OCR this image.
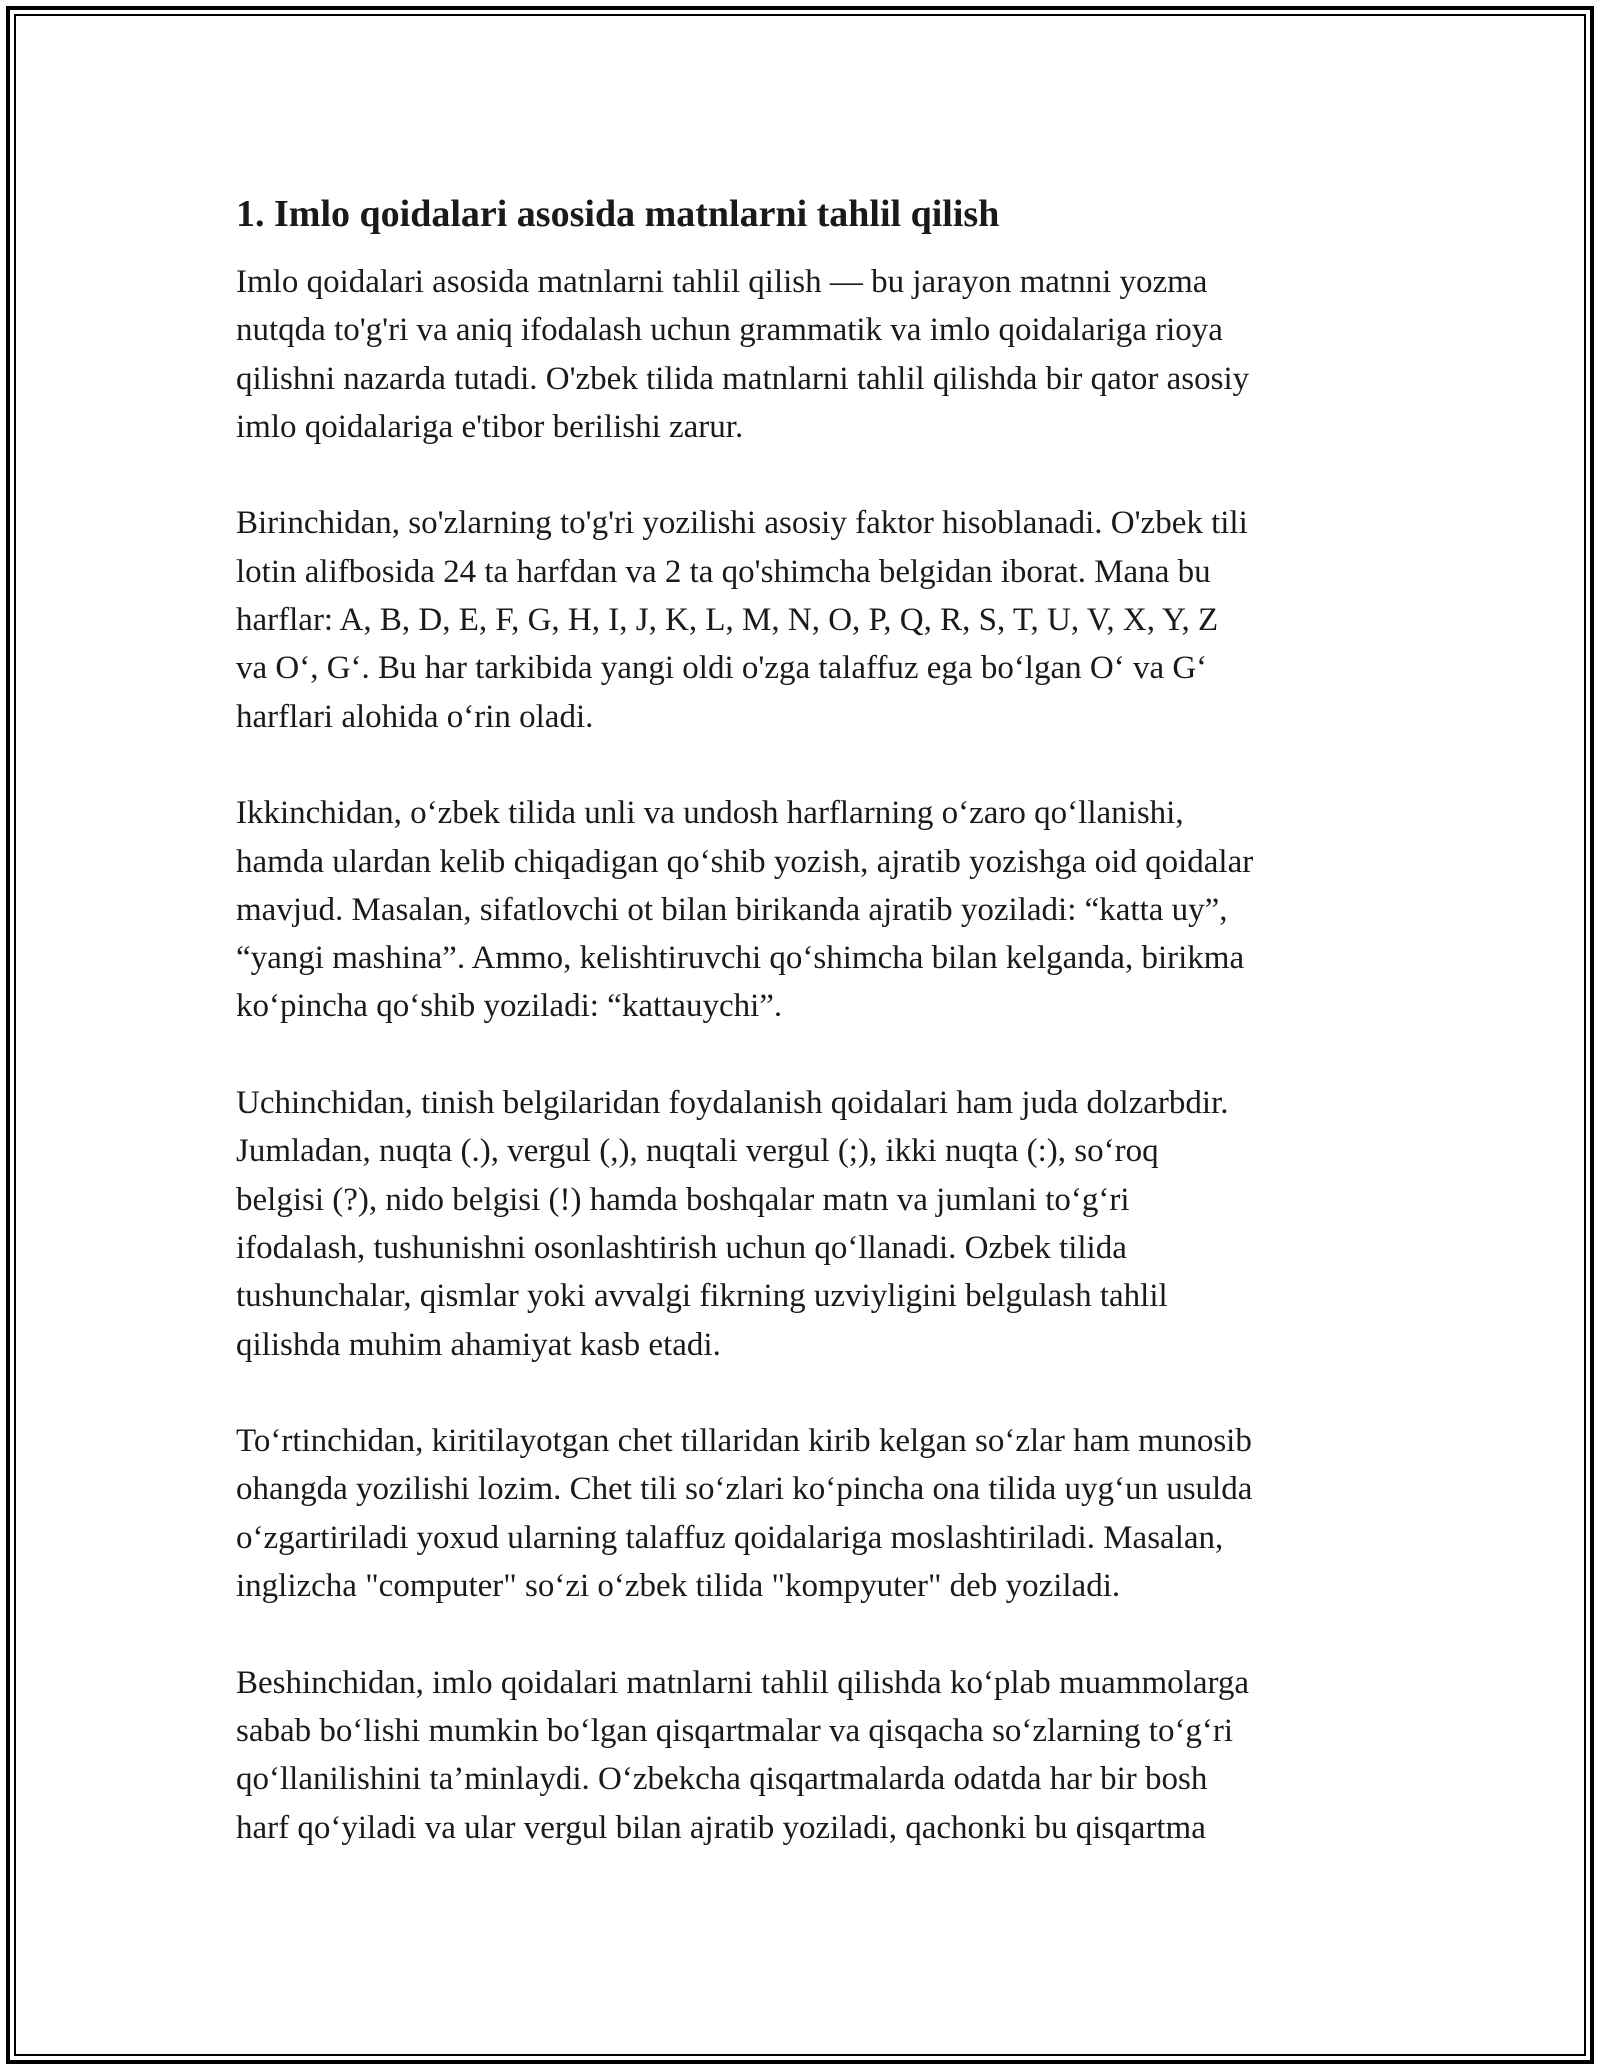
1. Imlo qoidalari asosida matnlarni tahlil qilish

Imlo qoidalari asosida matnlarni tahlil qilish — bu jarayon matnni yozma
nutqda to'g'ri va aniq ifodalash uchun grammatik va imlo qoidalariga rioya
qilishni nazarda tutadi. O'zbek tilida matnlarni tahlil qilishda bir qator asosiy
imlo qoidalariga e'tibor berilishi zarur.

Birinchidan, so'zlarning to'g'ri yozilishi asosiy faktor hisoblanadi. O'zbek tili
lotin alifbosida 24 ta harfdan va 2 ta qo'shimcha belgidan iborat. Mana bu
harflar: A, B, D, E, F, G, H, I, J, K, L, M, N, O, P, Q, R, S, T, U, V, X, Y, Z
va O‘, G‘. Bu har tarkibida yangi oldi o'zga talaffuz ega bo‘lgan O‘ va G‘
harflari alohida o‘rin oladi.

Ikkinchidan, o‘zbek tilida unli va undosh harflarning o‘zaro qo‘llanishi,
hamda ulardan kelib chiqadigan qo‘shib yozish, ajratib yozishga oid qoidalar
mavjud. Masalan, sifatlovchi ot bilan birikanda ajratib yoziladi: “katta uy”,
“yangi mashina”. Ammo, kelishtiruvchi qo‘shimcha bilan kelganda, birikma
ko‘pincha qo‘shib yoziladi: “kattauychi”.

Uchinchidan, tinish belgilaridan foydalanish qoidalari ham juda dolzarbdir.
Jumladan, nuqta (.), vergul (,), nuqtali vergul (;), ikki nuqta (:), so‘roq
belgisi (?), nido belgisi (!) hamda boshqalar matn va jumlani to‘g‘ri
ifodalash, tushunishni osonlashtirish uchun qo‘llanadi. Ozbek tilida
tushunchalar, qismlar yoki avvalgi fikrning uzviyligini belgulash tahlil
qilishda muhim ahamiyat kasb etadi.

To‘rtinchidan, kiritilayotgan chet tillaridan kirib kelgan so‘zlar ham munosib
ohangda yozilishi lozim. Chet tili so‘zlari ko‘pincha ona tilida uyg‘un usulda
o‘zgartiriladi yoxud ularning talaffuz qoidalariga moslashtiriladi. Masalan,
inglizcha "computer" so‘zi o‘zbek tilida "kompyuter" deb yoziladi.

Beshinchidan, imlo qoidalari matnlarni tahlil qilishda ko‘plab muammolarga
sabab bo‘lishi mumkin bo‘lgan qisqartmalar va qisqacha so‘zlarning to‘g‘ri
qo‘llanilishini ta’minlaydi. O‘zbekcha qisqartmalarda odatda har bir bosh
harf qo‘yiladi va ular vergul bilan ajratib yoziladi, qachonki bu qisqartma
